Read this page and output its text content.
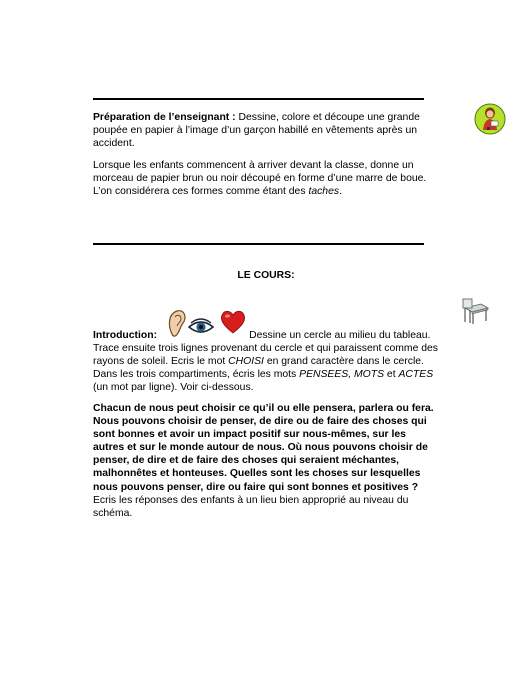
Préparation de l’enseignant : Dessine, colore et découpe une grande poupée en papier à l’image d’un garçon habillé en vêtements après un accident.

Lorsque les enfants commencent à arriver devant la classe, donne un morceau de papier brun ou noir découpé en forme d’une marre de boue. L’on considérera ces formes comme étant des taches.

LE COURS:

Introduction:	Dessine un cercle au milieu du tableau. Trace ensuite trois lignes provenant du cercle et qui paraissent comme des rayons de soleil. Ecris le mot CHOISI en grand caractère dans le cercle. Dans les trois compartiments, écris les mots PENSEES, MOTS et ACTES (un mot par ligne). Voir ci-dessous.

Chacun de nous peut choisir ce qu’il ou elle pensera, parlera ou fera. Nous pouvons choisir de penser, de dire ou de faire des choses qui sont bonnes et avoir un impact positif sur nous-mêmes, sur les autres et sur le monde autour de nous. Où nous pouvons choisir de penser, de dire et de faire des choses qui seraient méchantes, malhonnêtes et honteuses. Quelles sont les choses sur lesquelles nous pouvons penser, dire ou faire qui sont bonnes et positives ? Ecris les réponses des enfants à un lieu bien approprié au niveau du schéma.
